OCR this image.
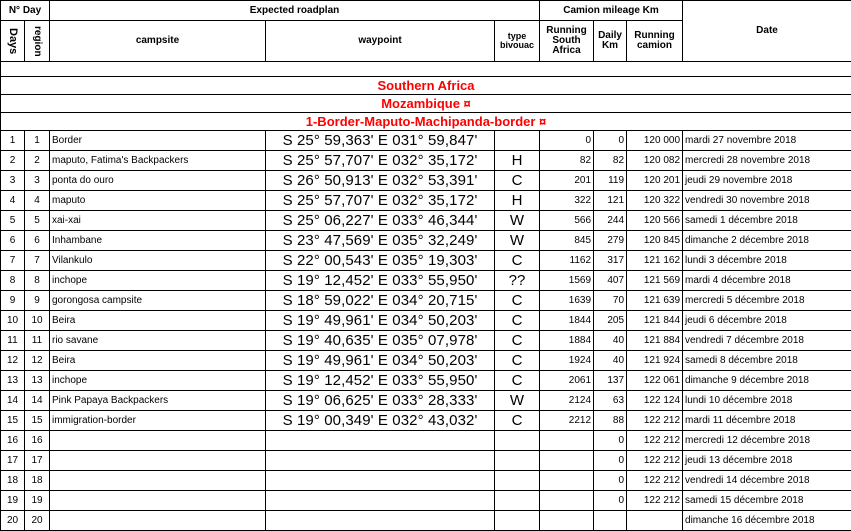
N° Day		Expected roadplan			Camion mileage Km			Date

Days	region	campsite	waypoint	type bivouac	Running South Africa	Daily Km	Running camion	

Southern Africa								
Mozambique ¤								
1-Border-Maputo-Machipanda-border ¤								
1	1	Border	S 25° 59,363' E 031° 59,847'		0	0	120 000	mardi 27 novembre 2018
2	2	maputo, Fatima's Backpackers	S 25° 57,707' E 032° 35,172'	H	82	82	120 082	mercredi 28 novembre 2018
3	3	ponta do ouro	S 26° 50,913' E 032° 53,391'	C	201	119	120 201	jeudi 29 novembre 2018
4	4	maputo	S 25° 57,707' E 032° 35,172'	H	322	121	120 322	vendredi 30 novembre 2018
5	5	xai-xai	S 25° 06,227' E 033° 46,344'	W	566	244	120 566	samedi 1 décembre 2018
6	6	Inhambane	S 23° 47,569' E 035° 32,249'	W	845	279	120 845	dimanche 2 décembre 2018
7	7	Vilankulo	S 22° 00,543' E 035° 19,303'	C	1162	317	121 162	lundi 3 décembre 2018
8	8	inchope	S 19° 12,452' E 033° 55,950'	??	1569	407	121 569	mardi 4 décembre 2018
9	9	gorongosa campsite	S 18° 59,022' E 034° 20,715'	C	1639	70	121 639	mercredi 5 décembre 2018
10	10	Beira	S 19° 49,961' E 034° 50,203'	C	1844	205	121 844	jeudi 6 décembre 2018
11	11	rio savane	S 19° 40,635' E 035° 07,978'	C	1884	40	121 884	vendredi 7 décembre 2018
12	12	Beira	S 19° 49,961' E 034° 50,203'	C	1924	40	121 924	samedi 8 décembre 2018
13	13	inchope	S 19° 12,452' E 033° 55,950'	C	2061	137	122 061	dimanche 9 décembre 2018
14	14	Pink Papaya Backpackers	S 19° 06,625' E 033° 28,333'	W	2124	63	122 124	lundi 10 décembre 2018
15	15	immigration-border	S 19° 00,349' E 032° 43,032'	C	2212	88	122 212	mardi 11 décembre 2018
16	16					0	122 212	mercredi 12 décembre 2018
17	17					0	122 212	jeudi 13 décembre 2018
18	18					0	122 212	vendredi 14 décembre 2018
19	19					0	122 212	samedi 15 décembre 2018
20	20							dimanche 16 décembre 2018
